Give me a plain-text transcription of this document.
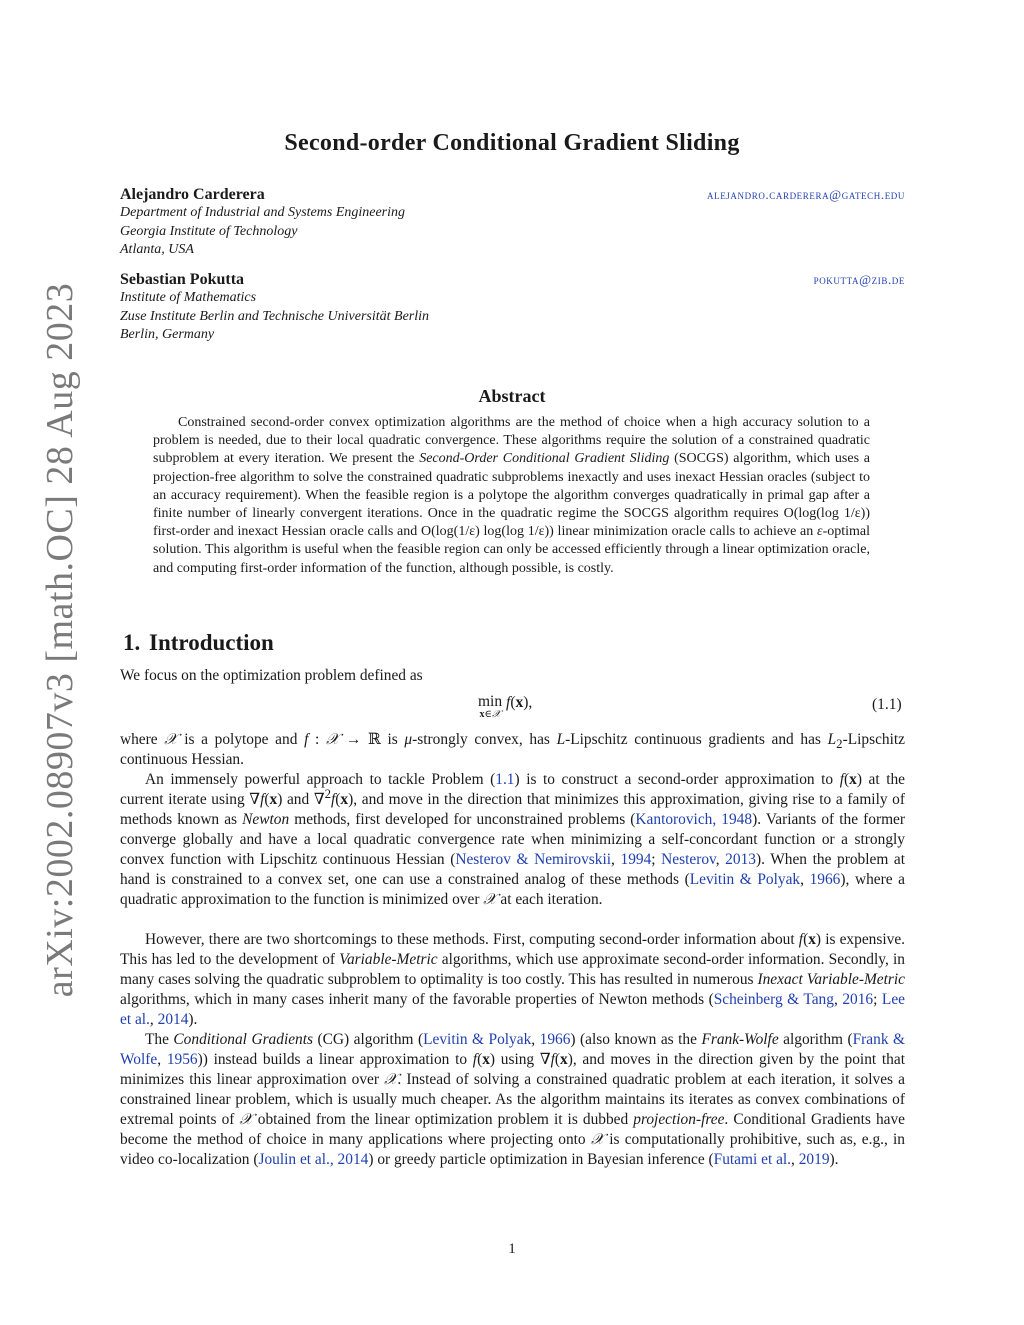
arXiv:2002.08907v3 [math.OC] 28 Aug 2023
Second-order Conditional Gradient Sliding
Alejandro Carderera	alejandro.carderera@gatech.edu
Department of Industrial and Systems Engineering
Georgia Institute of Technology
Atlanta, USA
Sebastian Pokutta	pokutta@zib.de
Institute of Mathematics
Zuse Institute Berlin and Technische Universität Berlin
Berlin, Germany
Abstract
Constrained second-order convex optimization algorithms are the method of choice when a high accuracy solution to a problem is needed, due to their local quadratic convergence. These algorithms require the solution of a constrained quadratic subproblem at every iteration. We present the Second-Order Conditional Gradient Sliding (SOCGS) algorithm, which uses a projection-free algorithm to solve the constrained quadratic subproblems inexactly and uses inexact Hessian oracles (subject to an accuracy requirement). When the feasible region is a polytope the algorithm converges quadratically in primal gap after a finite number of linearly convergent iterations. Once in the quadratic regime the SOCGS algorithm requires O(log(log 1/ε)) first-order and inexact Hessian oracle calls and O(log(1/ε) log(log 1/ε)) linear minimization oracle calls to achieve an ε-optimal solution. This algorithm is useful when the feasible region can only be accessed efficiently through a linear optimization oracle, and computing first-order information of the function, although possible, is costly.
1. Introduction
We focus on the optimization problem defined as
min
x∈𝒳
f(x),	(1.1)
where 𝒳 is a polytope and f : 𝒳 → ℝ is μ-strongly convex, has L-Lipschitz continuous gradients and has $L_2$-Lipschitz continuous Hessian.
An immensely powerful approach to tackle Problem (1.1) is to construct a second-order approximation to f(x) at the current iterate using ∇f(x) and ∇$^2$f(x), and move in the direction that minimizes this approximation, giving rise to a family of methods known as Newton methods, first developed for unconstrained problems (Kantorovich, 1948). Variants of the former converge globally and have a local quadratic convergence rate when minimizing a self-concordant function or a strongly convex function with Lipschitz continuous Hessian (Nesterov & Nemirovskii, 1994; Nesterov, 2013). When the problem at hand is constrained to a convex set, one can use a constrained analog of these methods (Levitin & Polyak, 1966), where a quadratic approximation to the function is minimized over 𝒳 at each iteration.
However, there are two shortcomings to these methods. First, computing second-order information about f(x) is expensive. This has led to the development of Variable-Metric algorithms, which use approximate second-order information. Secondly, in many cases solving the quadratic subproblem to optimality is too costly. This has resulted in numerous Inexact Variable-Metric algorithms, which in many cases inherit many of the favorable properties of Newton methods (Scheinberg & Tang, 2016; Lee et al., 2014).
The Conditional Gradients (CG) algorithm (Levitin & Polyak, 1966) (also known as the Frank-Wolfe algorithm (Frank & Wolfe, 1956)) instead builds a linear approximation to f(x) using ∇f(x), and moves in the direction given by the point that minimizes this linear approximation over 𝒳. Instead of solving a constrained quadratic problem at each iteration, it solves a constrained linear problem, which is usually much cheaper. As the algorithm maintains its iterates as convex combinations of extremal points of 𝒳 obtained from the linear optimization problem it is dubbed projection-free. Conditional Gradients have become the method of choice in many applications where projecting onto 𝒳 is computationally prohibitive, such as, e.g., in video co-localization (Joulin et al., 2014) or greedy particle optimization in Bayesian inference (Futami et al., 2019).
1
